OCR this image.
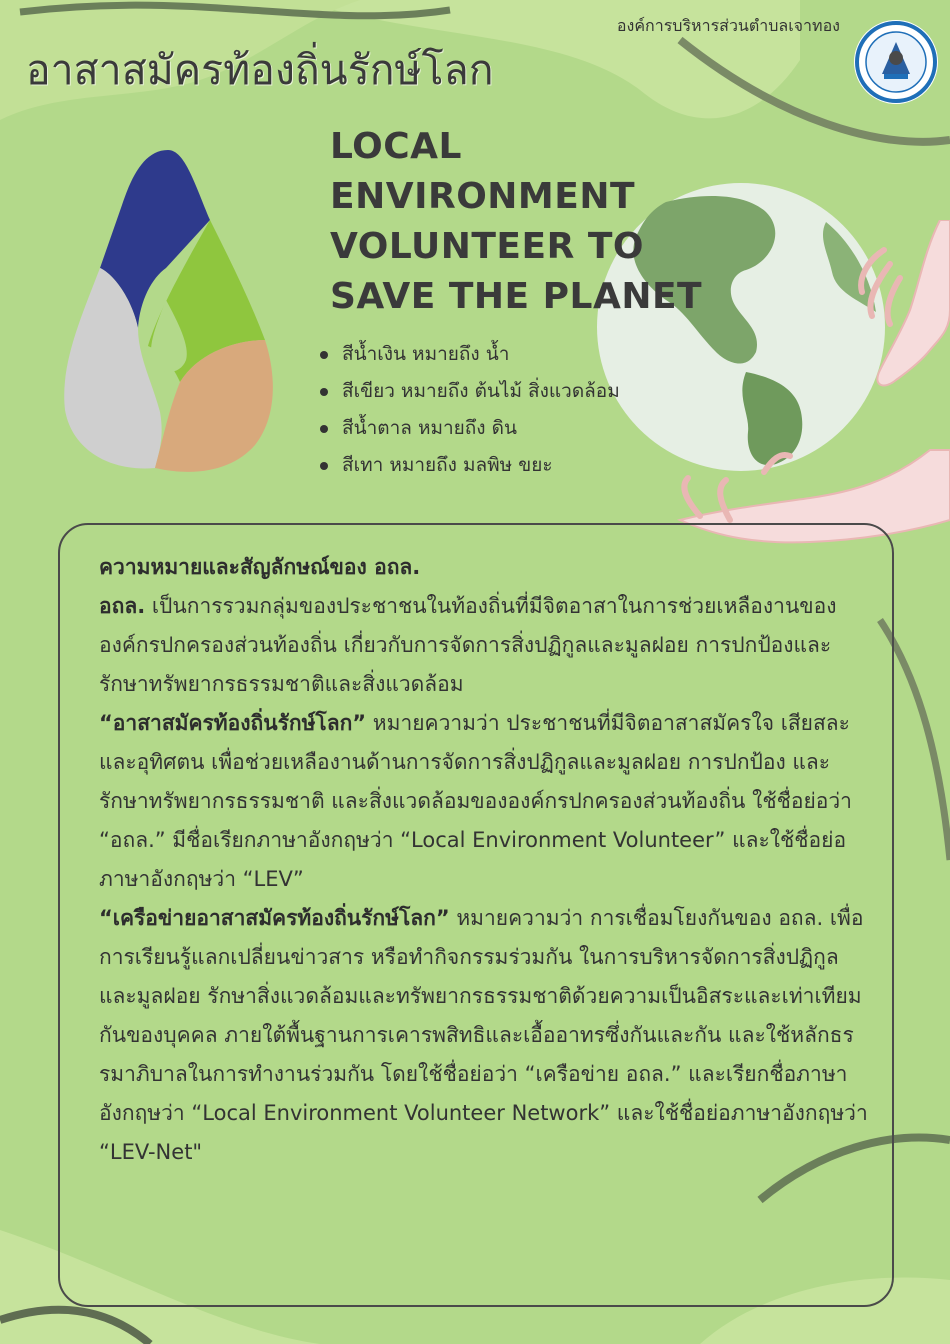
องค์การบริหารส่วนตำบลเจาทอง
อาสาสมัครท้องถิ่นรักษ์โลก
LOCAL
ENVIRONMENT
VOLUNTEER TO
SAVE THE PLANET
สีน้ำเงิน หมายถึง น้ำ
สีเขียว หมายถึง ต้นไม้ สิ่งแวดล้อม
สีน้ำตาล หมายถึง ดิน
สีเทา หมายถึง มลพิษ ขยะ

ความหมายและสัญลักษณ์ของ อถล.

อถล. เป็นการรวมกลุ่มของประชาชนในท้องถิ่นที่มีจิตอาสาในการช่วยเหลืองานขององค์กรปกครองส่วนท้องถิ่น เกี่ยวกับการจัดการสิ่งปฏิกูลและมูลฝอย การปกป้องและรักษาทรัพยากรธรรมชาติและสิ่งแวดล้อม

“อาสาสมัครท้องถิ่นรักษ์โลก” หมายความว่า ประชาชนที่มีจิตอาสาสมัครใจ เสียสละ และอุทิศตน เพื่อช่วยเหลืองานด้านการจัดการสิ่งปฏิกูลและมูลฝอย การปกป้อง และรักษาทรัพยากรธรรมชาติ และสิ่งแวดล้อมขององค์กรปกครองส่วนท้องถิ่น ใช้ชื่อย่อว่า “อถล.” มีชื่อเรียกภาษาอังกฤษว่า “Local Environment Volunteer” และใช้ชื่อย่อภาษาอังกฤษว่า “LEV”

“เครือข่ายอาสาสมัครท้องถิ่นรักษ์โลก” หมายความว่า การเชื่อมโยงกันของ อถล. เพื่อการเรียนรู้แลกเปลี่ยนข่าวสาร หรือทำกิจกรรมร่วมกัน ในการบริหารจัดการสิ่งปฏิกูลและมูลฝอย รักษาสิ่งแวดล้อมและทรัพยากรธรรมชาติด้วยความเป็นอิสระและเท่าเทียมกันของบุคคล ภายใต้พื้นฐานการเคารพสิทธิและเอื้ออาทรซึ่งกันและกัน และใช้หลักธรรมาภิบาลในการทำงานร่วมกัน โดยใช้ชื่อย่อว่า “เครือข่าย อถล.” และเรียกชื่อภาษาอังกฤษว่า “Local Environment Volunteer Network” และใช้ชื่อย่อภาษาอังกฤษว่า “LEV-Net"
